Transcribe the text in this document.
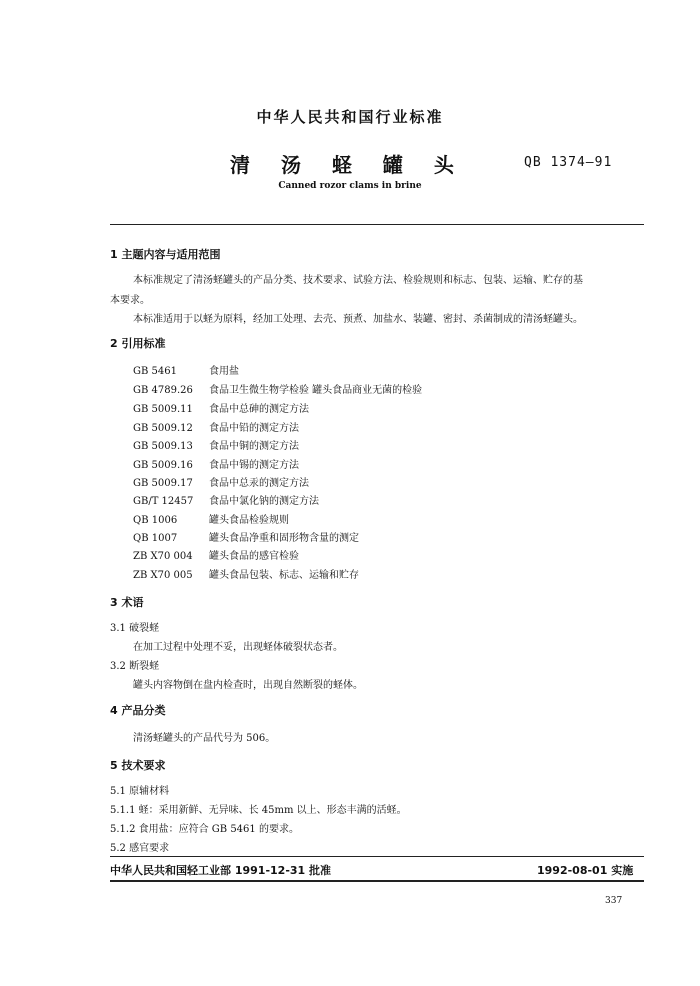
中华人民共和国行业标准
清 汤 蛏 罐 头	QB 1374—91
Canned rozor clams in brine
1 主题内容与适用范围
本标准规定了清汤蛏罐头的产品分类、技术要求、试验方法、检验规则和标志、包装、运输、贮存的基
本要求。
本标准适用于以蛏为原料，经加工处理、去壳、预煮、加盐水、装罐、密封、杀菌制成的清汤蛏罐头。
2 引用标准
GB 5461	食用盐
GB 4789.26 食品卫生微生物学检验 罐头食品商业无菌的检验
GB 5009.11 食品中总砷的测定方法
GB 5009.12 食品中铅的测定方法
GB 5009.13 食品中铜的测定方法
GB 5009.16 食品中锡的测定方法
GB 5009.17 食品中总汞的测定方法
GB/T 12457 食品中氯化钠的测定方法
QB 1006	罐头食品检验规则
QB 1007	罐头食品净重和固形物含量的测定
ZB X70 004 罐头食品的感官检验
ZB X70 005 罐头食品包装、标志、运输和贮存
3 术语
3.1 破裂蛏
在加工过程中处理不妥，出现蛏体破裂状态者。
3.2 断裂蛏
罐头内容物倒在盘内检查时，出现自然断裂的蛏体。
4 产品分类
清汤蛏罐头的产品代号为 506。
5 技术要求
5.1 原辅材料
5.1.1 蛏：采用新鲜、无异味、长 45mm 以上、形态丰满的活蛏。
5.1.2 食用盐：应符合 GB 5461 的要求。
5.2 感官要求
中华人民共和国轻工业部 1991-12-31 批准	1992-08-01 实施
337
